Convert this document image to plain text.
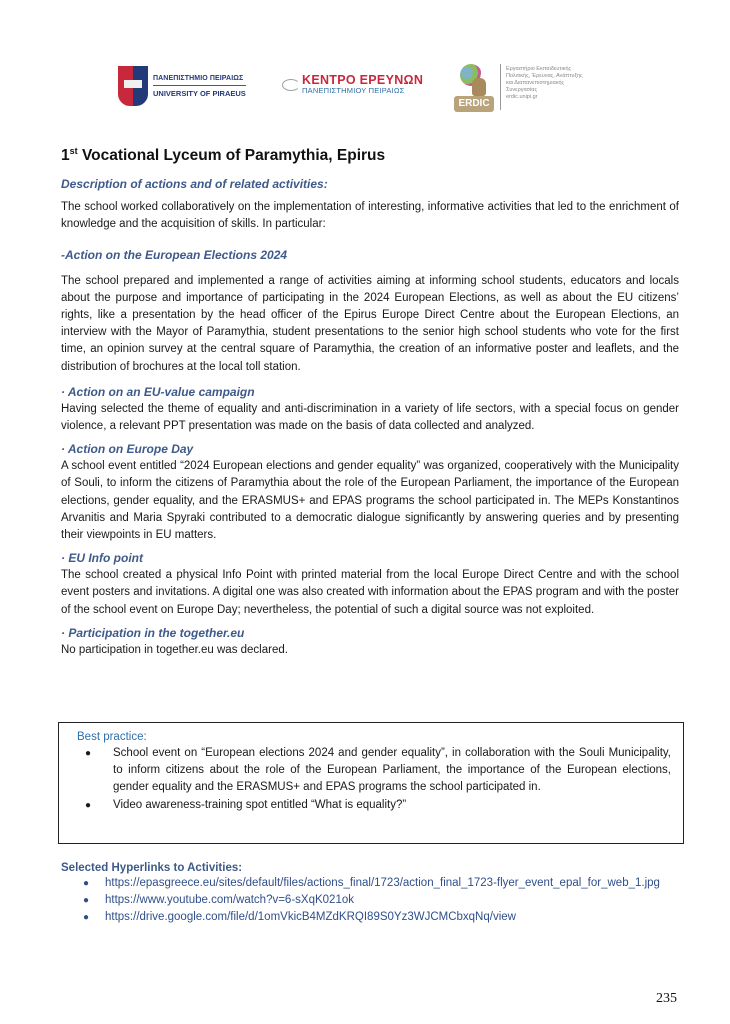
ΠΑΝΕΠΙΣΤΗΜΙΟ ΠΕΙΡΑΙΩΣ
UNIVERSITY OF PIRAEUS
ΚΕΝΤΡΟ ΕΡΕΥΝΩΝ
ΠΑΝΕΠΙΣΤΗΜΙΟΥ ΠΕΙΡΑΙΩΣ
ERDIC
Εργαστήριο Εκπαιδευτικής
Πολιτικής, Έρευνας, Ανάπτυξης
και Διαπανεπιστημιακής
Συνεργασίας
erdic.unipi.gr
1st Vocational Lyceum of Paramythia, Epirus
Description of actions and of related activities:

The school worked collaboratively on the implementation of interesting, informative activities that led to the enrichment of knowledge and the acquisition of skills. In particular:

-Action on the European Elections 2024

The school prepared and implemented a range of activities aiming at informing school students, educators and locals about the purpose and importance of participating in the 2024 European Elections, as well as about the EU citizens’ rights, like a presentation by the head officer of the Epirus Europe Direct Centre about the European Elections, an interview with the Mayor of Paramythia, student presentations to the senior high school students who vote for the first time, an opinion survey at the central square of Paramythia, the creation of an informative poster and leaflets, and the distribution of brochures at the local toll station.

· Action on an EU-value campaign

Having selected the theme of equality and anti-discrimination in a variety of life sectors, with a special focus on gender violence, a relevant PPT presentation was made on the basis of data collected and analyzed.

· Action on Europe Day

A school event entitled “2024 European elections and gender equality” was organized, cooperatively with the Municipality of Souli, to inform the citizens of Paramythia about the role of the European Parliament, the importance of the European elections, gender equality, and the ERASMUS+ and EPAS programs the school participated in. The MEPs Konstantinos Arvanitis and Maria Spyraki contributed to a democratic dialogue significantly by answering queries and by presenting their viewpoints in EU matters.

· EU Info point

The school created a physical Info Point with printed material from the local Europe Direct Centre and with the school event posters and invitations. A digital one was also created with information about the EPAS program and with the poster of the school event on Europe Day; nevertheless, the potential of such a digital source was not exploited.

· Participation in the together.eu

No participation in together.eu was declared.

Best practice:
● School event on “European elections 2024 and gender equality”, in collaboration with the Souli Municipality, to inform citizens about the role of the European Parliament, the importance of the European elections, gender equality and the ERASMUS+ and EPAS programs the school participated in.
● Video awareness-training spot entitled “What is equality?”
Selected Hyperlinks to Activities:
● https://epasgreece.eu/sites/default/files/actions_final/1723/action_final_1723-flyer_event_epal_for_web_1.jpg
● https://www.youtube.com/watch?v=6-sXqK021ok
● https://drive.google.com/file/d/1omVkicB4MZdKRQI89S0Yz3WJCMCbxqNq/view
235
